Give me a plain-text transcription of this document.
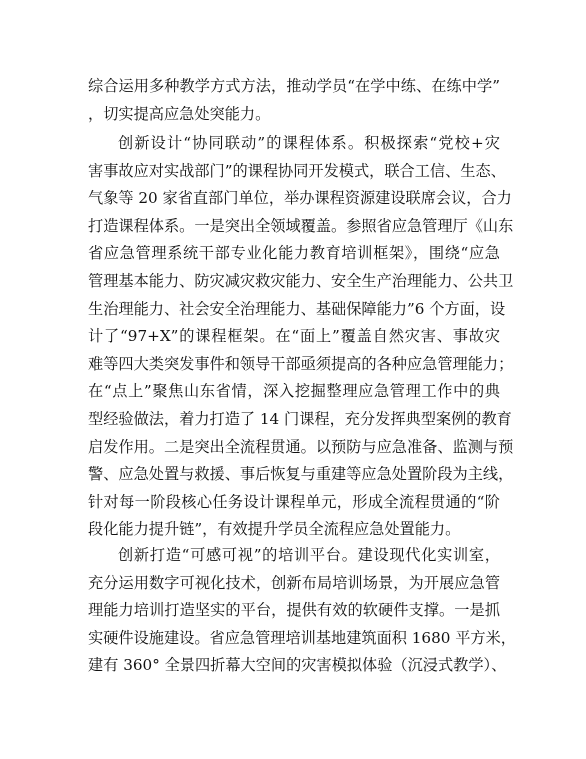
综合运用多种教学方式方法，推动学员“在学中练、在练中学”
，切实提高应急处突能力。
创新设计“协同联动”的课程体系。积极探索“党校+灾
害事故应对实战部门”的课程协同开发模式，联合工信、生态、
气象等 20 家省直部门单位，举办课程资源建设联席会议，合力
打造课程体系。一是突出全领域覆盖。参照省应急管理厅《山东
省应急管理系统干部专业化能力教育培训框架》，围绕“应急
管理基本能力、防灾减灾救灾能力、安全生产治理能力、公共卫
生治理能力、社会安全治理能力、基础保障能力”6 个方面，设
计了“97+X”的课程框架。在“面上”覆盖自然灾害、事故灾
难等四大类突发事件和领导干部亟须提高的各种应急管理能力；
在“点上”聚焦山东省情，深入挖掘整理应急管理工作中的典
型经验做法，着力打造了 14 门课程，充分发挥典型案例的教育
启发作用。二是突出全流程贯通。以预防与应急准备、监测与预
警、应急处置与救援、事后恢复与重建等应急处置阶段为主线，
针对每一阶段核心任务设计课程单元，形成全流程贯通的“阶
段化能力提升链”，有效提升学员全流程应急处置能力。
创新打造“可感可视”的培训平台。建设现代化实训室，
充分运用数字可视化技术，创新布局培训场景，为开展应急管
理能力培训打造坚实的平台，提供有效的软硬件支撑。一是抓
实硬件设施建设。省应急管理培训基地建筑面积 1680 平方米，
建有 360° 全景四折幕大空间的灾害模拟体验（沉浸式教学）、
